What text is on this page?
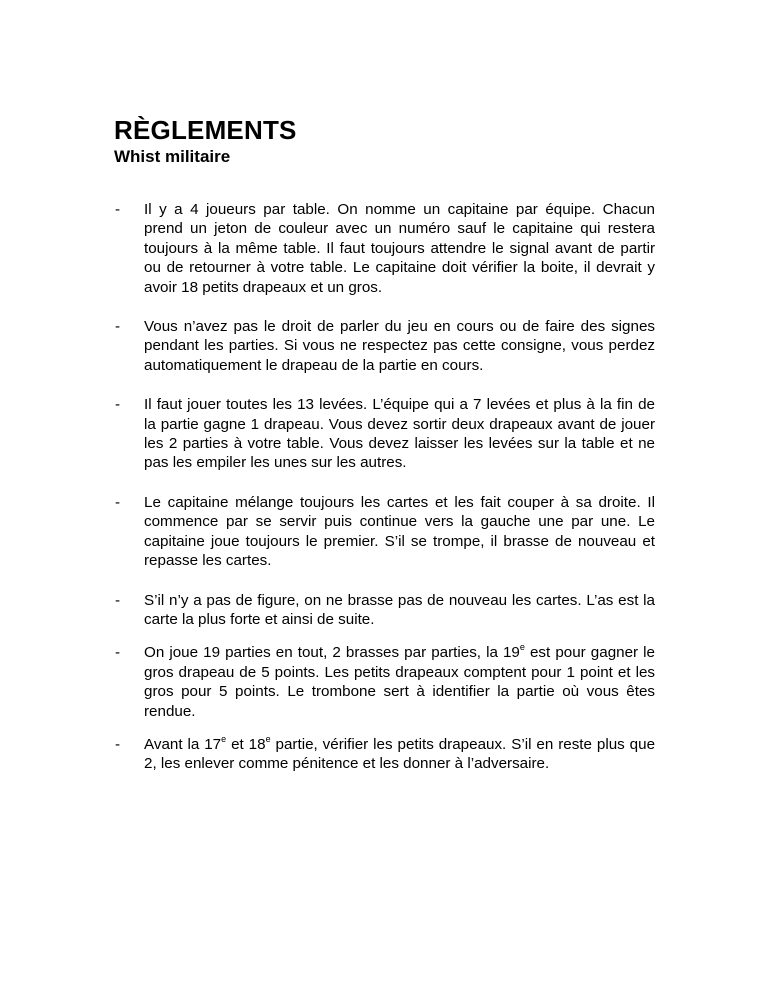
RÈGLEMENTS
Whist militaire
-	Il y a 4 joueurs par table. On nomme un capitaine par équipe. Chacun prend un jeton de couleur avec un numéro sauf le capitaine qui restera toujours à la même table. Il faut toujours attendre le signal avant de partir ou de retourner à votre table. Le capitaine doit vérifier la boite, il devrait y avoir 18 petits drapeaux et un gros.
-	Vous n’avez pas le droit de parler du jeu en cours ou de faire des signes pendant les parties. Si vous ne respectez pas cette consigne, vous perdez automatiquement le drapeau de la partie en cours.
-	Il faut jouer toutes les 13 levées. L’équipe qui a 7 levées et plus à la fin de la partie gagne 1 drapeau. Vous devez sortir deux drapeaux avant de jouer les 2 parties à votre table. Vous devez laisser les levées sur la table et ne pas les empiler les unes sur les autres.
-	Le capitaine mélange toujours les cartes et les fait couper à sa droite. Il commence par se servir puis continue vers la gauche une par une. Le capitaine joue toujours le premier. S’il se trompe, il brasse de nouveau et repasse les cartes.
-	S’il n’y a pas de figure, on ne brasse pas de nouveau les cartes. L’as est la carte la plus forte et ainsi de suite.
-	On joue 19 parties en tout, 2 brasses par parties, la 19e est pour gagner le gros drapeau de 5 points. Les petits drapeaux comptent pour 1 point et les gros pour 5 points. Le trombone sert à identifier la partie où vous êtes rendue.
-	Avant la 17e et 18e partie, vérifier les petits drapeaux. S’il en reste plus que 2, les enlever comme pénitence et les donner à l’adversaire.
